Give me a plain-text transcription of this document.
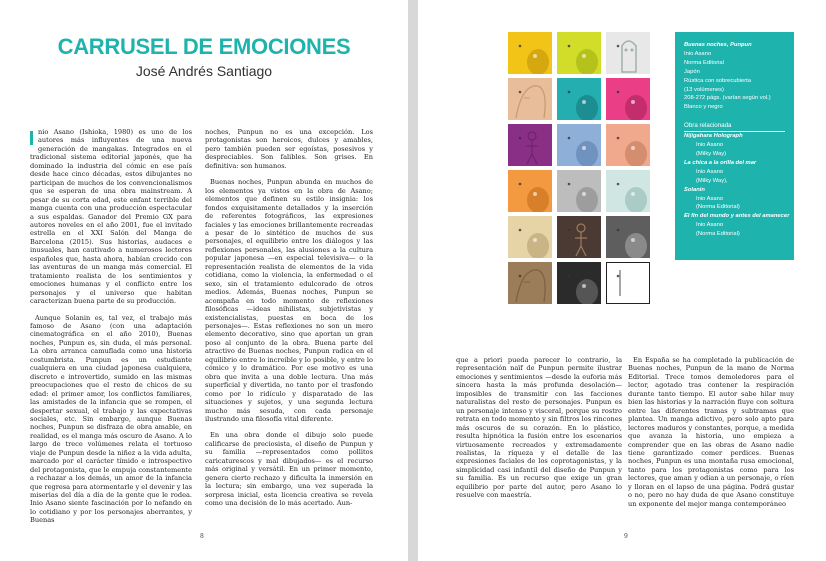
CARRUSEL DE EMOCIONES
José Andrés Santiago

nio Asano (Ishioka, 1980) es uno de los autores más influyentes de una nueva generación de mangakas. Integrados en el tradicional sistema editorial japonés, que ha dominado la industria del cómic en ese país desde hace cinco décadas, estos dibujantes no participan de muchos de los convencionalismos que se esperan de una obra mainstream. A pesar de su corta edad, este enfant terrible del manga cuenta con una producción espectacular a sus espaldas. Ganador del Premio GX para autores noveles en el año 2001, fue el invitado estrella en el XXI Salón del Manga de Barcelona (2015). Sus historias, audaces e inusuales, han cautivado a numerosos lectores españoles que, hasta ahora, habían crecido con las aventuras de un manga más comercial. El tratamiento realista de los sentimientos y emociones humanas y el conflicto entre los personajes y el universo que habitan caracterizan buena parte de su producción.

Aunque Solanin es, tal vez, el trabajo más famoso de Asano (con una adaptación cinematográfica en el año 2010), Buenas noches, Punpun es, sin duda, el más personal. La obra arranca camuflada como una historia costumbrista. Punpun es un estudiante cualquiera en una ciudad japonesa cualquiera, discreto e introvertido, sumido en las mismas preocupaciones que el resto de chicos de su edad: el primer amor, los conflictos familiares, las amistades de la infancia que se rompen, el despertar sexual, el trabajo y las expectativas sociales, etc. Sin embargo, aunque Buenas noches, Punpun se disfraza de obra amable, en realidad, es el manga más oscuro de Asano. A lo largo de trece volúmenes relata el tortuoso viaje de Punpun desde la niñez a la vida adulta, marcado por el carácter tímido e introspectivo del protagonista, que le empuja constantemente a rechazar a los demás, un amor de la infancia que regresa para atormentarle y el devenir y las miserias del día a día de la gente que le rodea. Inio Asano siente fascinación por lo nefando en lo cotidiano y por los personajes aberrantes, y Buenas

noches, Punpun no es una excepción. Los protagonistas son heroicos, dulces y amables, pero también pueden ser egoístas, posesivos y despreciables. Son falibles. Son grises. En definitiva: son humanos.

Buenas noches, Punpun abunda en muchos de los elementos ya vistos en la obra de Asano; elementos que definen su estilo insignia: los fondos exquisitamente detallados y la inserción de referentes fotográficos, las expresiones faciales y las emociones brillantemente recreadas a pesar de lo sintético de muchos de sus personajes, el equilibrio entre los diálogos y las reflexiones personales, las alusiones a la cultura popular japonesa —en especial televisiva— o la representación realista de elementos de la vida cotidiana, como la violencia, la enfermedad o el sexo, sin el tratamiento edulcorado de otros medios. Además, Buenas noches, Punpun se acompaña en todo momento de reflexiones filosóficas —ideas nihilistas, subjetivistas y existencialistas, puestas en boca de los personajes—. Estas reflexiones no son un mero elemento decorativo, sino que aportan un gran poso al conjunto de la obra. Buena parte del atractivo de Buenas noches, Punpun radica en el equilibrio entre lo increíble y lo posible, y entre lo cómico y lo dramático. Por ese motivo es una obra que invita a una doble lectura. Una más superficial y divertida, no tanto por el trasfondo como por lo ridículo y disparatado de las situaciones y sujetos, y una segunda lectura mucho más sesuda, con cada personaje ilustrando una filosofía vital diferente.

En una obra donde el dibujo solo puede calificarse de preciosista, el diseño de Punpun y su familia —representados como pollitos caricaturescos y mal dibujados— es el recurso más original y versátil. En un primer momento, genera cierto rechazo y dificulta la inmersión en la lectura; sin embargo, una vez superada la sorpresa inicial, esta licencia creativa se revela como una decisión de lo más acertado. Aun-

8
Buenas noches, Punpun
Inio Asano
Norma Editorial
Japón
Rústica con sobrecubierta
(13 volúmenes)
208-272 págs. (varían según vol.)
Blanco y negro
Obra relacionada
Nijigahara Holograph
Inio Asano
(Milky Way)
La chica a la orilla del mar
Inio Asano
(Milky Way),
Solanin
Inio Asano
(Norma Editorial)
El fin del mundo y antes del amanecer
Inio Asano
(Norma Editorial)

que a priori pueda parecer lo contrario, la representación naïf de Punpun permite ilustrar emociones y sentimientos —desde la euforia más sincera hasta la más profunda desolación— imposibles de transmitir con las facciones naturalistas del resto de personajes. Punpun es un personaje intenso y visceral, porque su rostro retrata en todo momento y sin filtros los rincones más oscuros de su corazón. En lo plástico, resulta hipnótica la fusión entre los escenarios virtuosamente recreados y extremadamente realistas, la riqueza y el detalle de las expresiones faciales de los coprotagonistas, y la simplicidad casi infantil del diseño de Punpun y su familia. Es un recurso que exige un gran equilibrio por parte del autor, pero Asano lo resuelve con maestría.

En España se ha completado la publicación de Buenas noches, Punpun de la mano de Norma Editorial. Trece tomos demoledores para el lector, agotado tras contener la respiración durante tanto tiempo. El autor sabe hilar muy bien las historias y la narración fluye con soltura entre las diferentes tramas y subtramas que plantea. Un manga adictivo, pero solo apto para lectores maduros y constantes, porque, a medida que avanza la historia, uno empieza a comprender que en las obras de Asano nadie tiene garantizado comer perdices. Buenas noches, Punpun es una montaña rusa emocional, tanto para los protagonistas como para los lectores, que aman y odian a un personaje, o ríen y lloran en el lapso de una página. Podrá gustar o no, pero no hay duda de que Asano constituye un exponente del mejor manga contemporáneo

9
